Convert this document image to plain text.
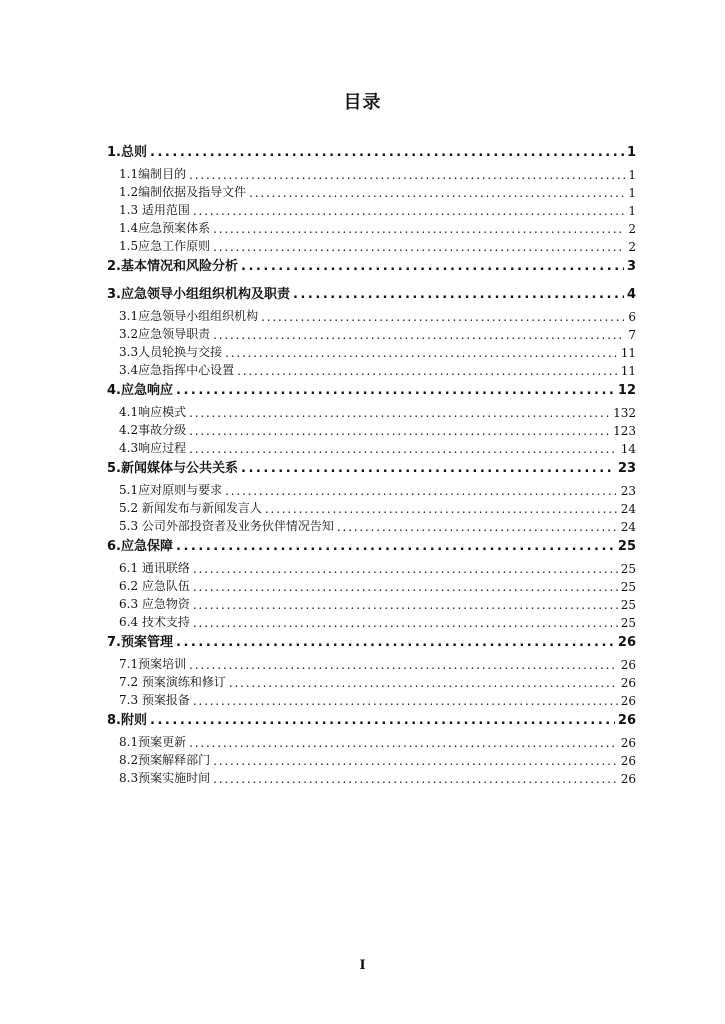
目录
1.总则 . . .	1
1.1编制目的 . . .	1
1.2编制依据及指导文件 . . .	1
1.3 适用范围 . . .	1
1.4应急预案体系 . . .	2
1.5应急工作原则 . . .	2
2.基本情况和风险分析 . . .	3
3.应急领导小组组织机构及职责 . . .	4
3.1应急领导小组组织机构 . . .	6
3.2应急领导职责 . . .	7
3.3人员轮换与交接 . . .	11
3.4应急指挥中心设置 . . .	11
4.应急响应 . . .	12
4.1响应模式 . . .	132
4.2事故分级 . . .	123
4.3响应过程 . . .	14
5.新闻媒体与公共关系 . . .	23
5.1应对原则与要求 . . .	23
5.2 新闻发布与新闻发言人 . . .	24
5.3 公司外部投资者及业务伙伴情况告知 . . .	24
6.应急保障 . . .	25
6.1 通讯联络 . . .	25
6.2 应急队伍 . . .	25
6.3 应急物资 . . .	25
6.4 技术支持 . . .	25
7.预案管理 . . .	26
7.1预案培训 . . .	26
7.2 预案演练和修订 . . .	26
7.3 预案报备 . . .	26
8.附则 . . .	26
8.1预案更新 . . .	26
8.2预案解释部门 . . .	26
8.3预案实施时间 . . .	26
I
